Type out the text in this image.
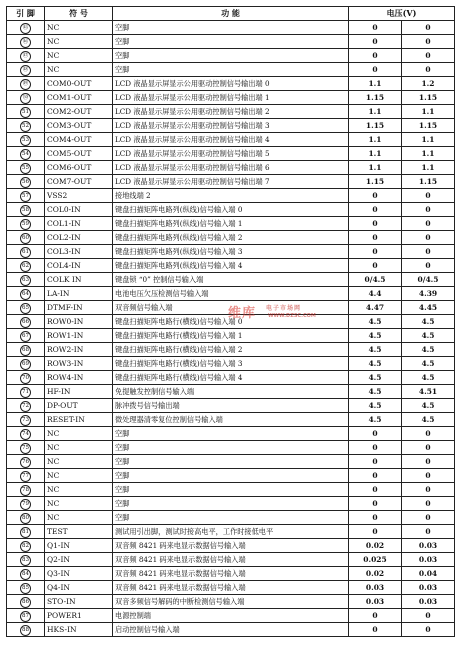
引 脚	符 号	功 能	电压(V)	
㊺	NC	空脚	0	0
㊻	NC	空脚	0	0
㊼	NC	空脚	0	0
㊽	NC	空脚	0	0
㊾	COM0-OUT	LCD 液晶显示屏显示公用驱动控制信号输出端 0	1.1	1.2
㊿	COM1-OUT	LCD 液晶显示屏显示公用驱动控制信号输出端 1	1.15	1.15
51	COM2-OUT	LCD 液晶显示屏显示公用驱动控制信号输出端 2	1.1	1.1
52	COM3-OUT	LCD 液晶显示屏显示公用驱动控制信号输出端 3	1.15	1.15
53	COM4-OUT	LCD 液晶显示屏显示公用驱动控制信号输出端 4	1.1	1.1
54	COM5-OUT	LCD 液晶显示屏显示公用驱动控制信号输出端 5	1.1	1.1
55	COM6-OUT	LCD 液晶显示屏显示公用驱动控制信号输出端 6	1.1	1.1
56	COM7-OUT	LCD 液晶显示屏显示公用驱动控制信号输出端 7	1.15	1.15
57	VSS2	接地线端 2	0	0
58	COL0-IN	键盘扫描矩阵电路列(纵线)信号输入端 0	0	0
59	COL1-IN	键盘扫描矩阵电路列(纵线)信号输入端 1	0	0
60	COL2-IN	键盘扫描矩阵电路列(纵线)信号输入端 2	0	0
61	COL3-IN	键盘扫描矩阵电路列(纵线)信号输入端 3	0	0
62	COL4-IN	键盘扫描矩阵电路列(纵线)信号输入端 4	0	0
63	COLK IN	键盘锁 “0” 控制信号输入端	0/4.5	0/4.5
64	LA-IN	电池电压欠压检测信号输入端	4.4	4.39
65	DTMF-IN	双音频信号输入端	4.47	4.45
66	ROW0-IN	键盘扫描矩阵电路行(横线)信号输入端 0	4.5	4.5
67	ROW1-IN	键盘扫描矩阵电路行(横线)信号输入端 1	4.5	4.5
68	ROW2-IN	键盘扫描矩阵电路行(横线)信号输入端 2	4.5	4.5
69	ROW3-IN	键盘扫描矩阵电路行(横线)信号输入端 3	4.5	4.5
70	ROW4-IN	键盘扫描矩阵电路行(横线)信号输入端 4	4.5	4.5
71	HF-IN	免提触发控制信号输入端	4.5	4.51
72	DP-OUT	脉冲拨号信号输出端	4.5	4.5
73	RESET-IN	微处理器清零复位控制信号输入端	4.5	4.5
74	NC	空脚	0	0
75	NC	空脚	0	0
76	NC	空脚	0	0
77	NC	空脚	0	0
78	NC	空脚	0	0
79	NC	空脚	0	0
80	NC	空脚	0	0
81	TEST	测试用引出脚，测试时接高电平，工作时接低电平	0	0
82	Q1-IN	双音频 8421 码来电显示数据信号输入端	0.02	0.03
83	Q2-IN	双音频 8421 码来电显示数据信号输入端	0.025	0.03
84	Q3-IN	双音频 8421 码来电显示数据信号输入端	0.02	0.04
85	Q4-IN	双音频 8421 码来电显示数据信号输入端	0.03	0.03
86	STO-IN	双音多频信号解码的中断检测信号输入端	0.03	0.03
87	POWER1	电源控制端	0	0
88	HKS-IN	启动控制信号输入端	0	0
维库 电子市场网
WWW.DZSC.COM
